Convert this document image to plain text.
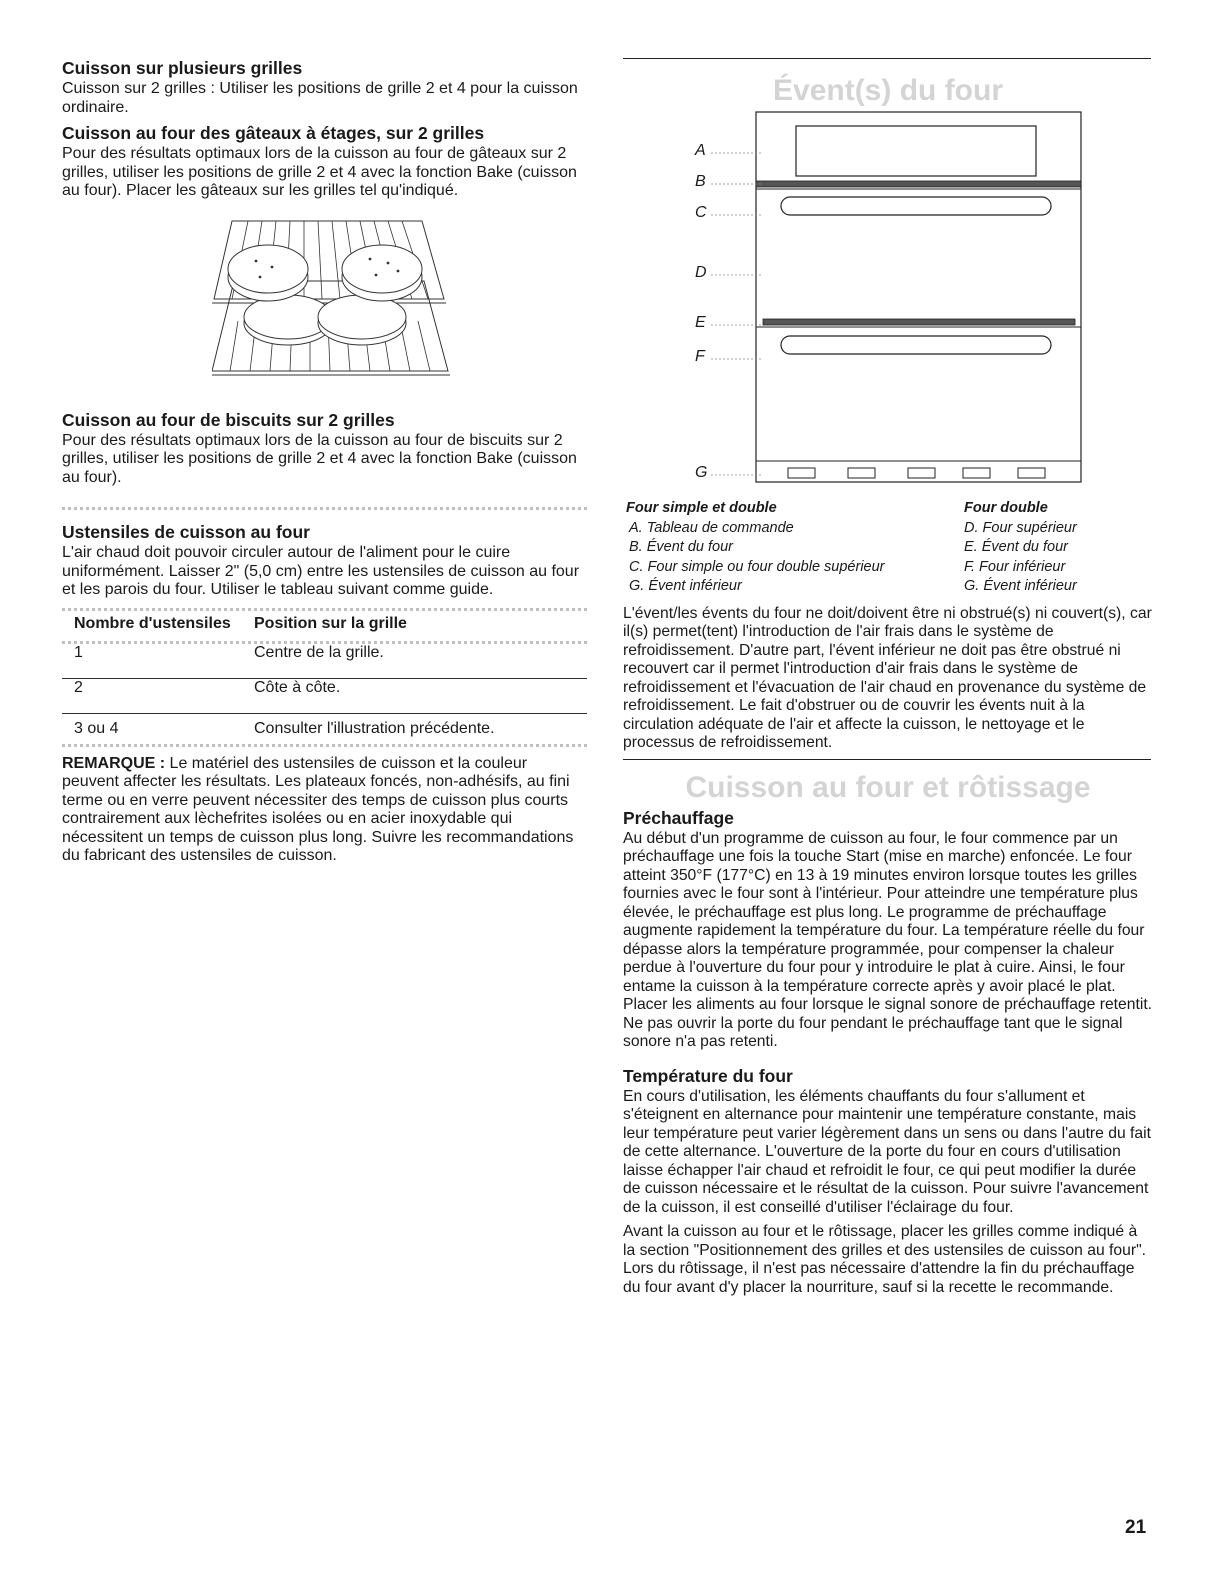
Cuisson sur plusieurs grilles

Cuisson sur 2 grilles : Utiliser les positions de grille 2 et 4 pour la cuisson ordinaire.

Cuisson au four des gâteaux à étages, sur 2 grilles

Pour des résultats optimaux lors de la cuisson au four de gâteaux sur 2 grilles, utiliser les positions de grille 2 et 4 avec la fonction Bake (cuisson au four). Placer les gâteaux sur les grilles tel qu'indiqué.

Cuisson au four de biscuits sur 2 grilles

Pour des résultats optimaux lors de la cuisson au four de biscuits sur 2 grilles, utiliser les positions de grille 2 et 4 avec la fonction Bake (cuisson au four).

Ustensiles de cuisson au four

L'air chaud doit pouvoir circuler autour de l'aliment pour le cuire uniformément. Laisser 2" (5,0 cm) entre les ustensiles de cuisson au four et les parois du four. Utiliser le tableau suivant comme guide.

Nombre d'ustensiles	Position sur la grille
1	Centre de la grille.
2	Côte à côte.
3 ou 4	Consulter l'illustration précédente.

REMARQUE : Le matériel des ustensiles de cuisson et la couleur peuvent affecter les résultats. Les plateaux foncés, non-adhésifs, au fini terme ou en verre peuvent nécessiter des temps de cuisson plus courts contrairement aux lèchefrites isolées ou en acier inoxydable qui nécessitent un temps de cuisson plus long. Suivre les recommandations du fabricant des ustensiles de cuisson.

Évent(s) du four
A
B
C
D
E
F
G
Four simple et double
A. Tableau de commande
B. Évent du four
C. Four simple ou four double supérieur
G. Évent inférieur
Four double
D. Four supérieur
E. Évent du four
F. Four inférieur
G. Évent inférieur

L'évent/les évents du four ne doit/doivent être ni obstrué(s) ni couvert(s), car il(s) permet(tent) l'introduction de l'air frais dans le système de refroidissement. D'autre part, l'évent inférieur ne doit pas être obstrué ni recouvert car il permet l'introduction d'air frais dans le système de refroidissement et l'évacuation de l'air chaud en provenance du système de refroidissement. Le fait d'obstruer ou de couvrir les évents nuit à la circulation adéquate de l'air et affecte la cuisson, le nettoyage et le processus de refroidissement.

Cuisson au four et rôtissage
Préchauffage

Au début d'un programme de cuisson au four, le four commence par un préchauffage une fois la touche Start (mise en marche) enfoncée. Le four atteint 350°F (177°C) en 13 à 19 minutes environ lorsque toutes les grilles fournies avec le four sont à l'intérieur. Pour atteindre une température plus élevée, le préchauffage est plus long. Le programme de préchauffage augmente rapidement la température du four. La température réelle du four dépasse alors la température programmée, pour compenser la chaleur perdue à l'ouverture du four pour y introduire le plat à cuire. Ainsi, le four entame la cuisson à la température correcte après y avoir placé le plat. Placer les aliments au four lorsque le signal sonore de préchauffage retentit. Ne pas ouvrir la porte du four pendant le préchauffage tant que le signal sonore n'a pas retenti.

Température du four

En cours d'utilisation, les éléments chauffants du four s'allument et s'éteignent en alternance pour maintenir une température constante, mais leur température peut varier légèrement dans un sens ou dans l'autre du fait de cette alternance. L'ouverture de la porte du four en cours d'utilisation laisse échapper l'air chaud et refroidit le four, ce qui peut modifier la durée de cuisson nécessaire et le résultat de la cuisson. Pour suivre l'avancement de la cuisson, il est conseillé d'utiliser l'éclairage du four.

Avant la cuisson au four et le rôtissage, placer les grilles comme indiqué à la section "Positionnement des grilles et des ustensiles de cuisson au four". Lors du rôtissage, il n'est pas nécessaire d'attendre la fin du préchauffage du four avant d'y placer la nourriture, sauf si la recette le recommande.

21
